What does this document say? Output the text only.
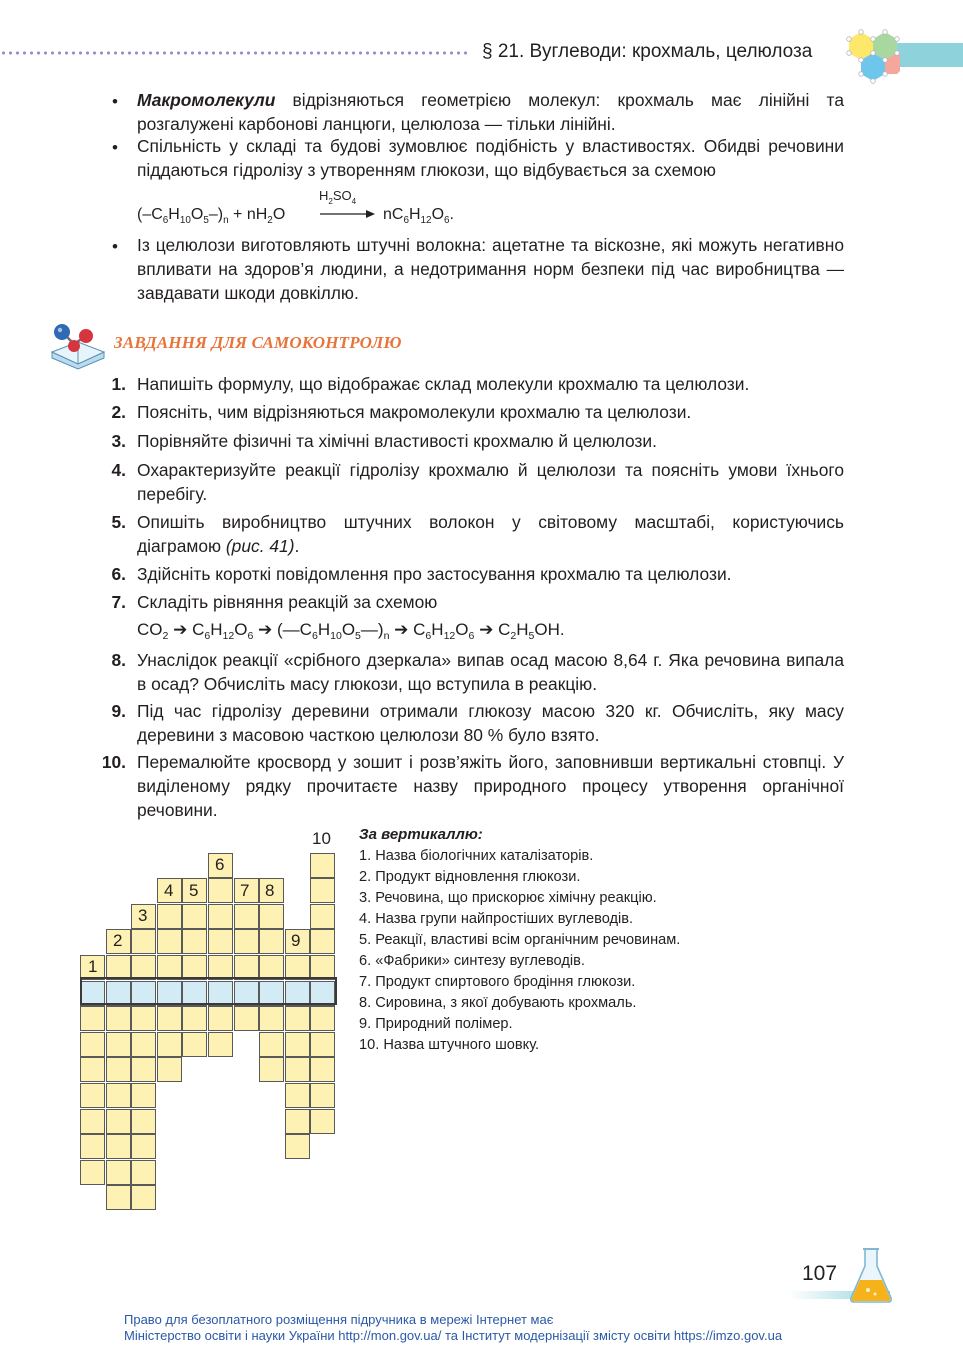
§ 21. Вуглеводи: крохмаль, целюлоза
• Макромолекули відрізняються геометрією молекул: крохмаль має лінійні та розгалужені карбонові ланцюги, целюлоза — тільки лінійні.
• Спільність у складі та будові зумовлює подібність у властивостях. Обидві речовини піддаються гідролізу з утворенням глюкози, що відбувається за схемою
$(-C_6H_{10}O_5-)_n + nH_2O$
$H_2SO_4$
→ $nC_6H_{12}O_6$.
• Із целюлози виготовляють штучні волокна: ацетатне та віскозне, які можуть негативно впливати на здоров’я людини, а недотримання норм безпеки під час виробництва — завдавати шкоди довкіллю.
ЗАВДАННЯ ДЛЯ САМОКОНТРОЛЮ
1. Напишіть формулу, що відображає склад молекули крохмалю та целюлози.
2. Поясніть, чим відрізняються макромолекули крохмалю та целюлози.
3. Порівняйте фізичні та хімічні властивості крохмалю й целюлози.
4. Охарактеризуйте реакції гідролізу крохмалю й целюлози та поясніть умови їхнього перебігу.
5. Опишіть виробництво штучних волокон у світовому масштабі, користуючись діаграмою (рис. 41).
6. Здійсніть короткі повідомлення про застосування крохмалю та целюлози.
7. Складіть рівняння реакцій за схемою
$CO_2$ ➔ $C_6H_{12}O_6$ ➔ $(—C_6H_{10}O_5—)_n$ ➔ $C_6H_{12}O_6$ ➔ $C_2H_5OH$.
8. Унаслідок реакції «срібного дзеркала» випав осад масою 8,64 г. Яка речовина випала в осад? Обчисліть масу глюкози, що вступила в реакцію.
9. Під час гідролізу деревини отримали глюкозу масою 320 кг. Обчисліть, яку масу деревини з масовою часткою целюлози 80 % було взято.
10. Перемалюйте кросворд у зошит і розв’яжіть його, заповнивши вертикальні стовпці. У виділеному рядку прочитаєте назву природного процесу утворення органічної речовини.
1
2
3
4 5
6
7 8
9
10 За вертикаллю:
1. Назва біологічних каталізаторів.
2. Продукт відновлення глюкози.
3. Речовина, що прискорює хімічну реакцію.
4. Назва групи найпростіших вуглеводів.
5. Реакції, властиві всім органічним речовинам.
6. «Фабрики» синтезу вуглеводів.
7. Продукт спиртового бродіння глюкози.
8. Сировина, з якої добувають крохмаль.
9. Природний полімер.
10. Назва штучного шовку.
107
Право для безоплатного розміщення підручника в мережі Інтернет має
Міністерство освіти і науки України http://mon.gov.ua/ та Інститут модернізації змісту освіти https://imzo.gov.ua
